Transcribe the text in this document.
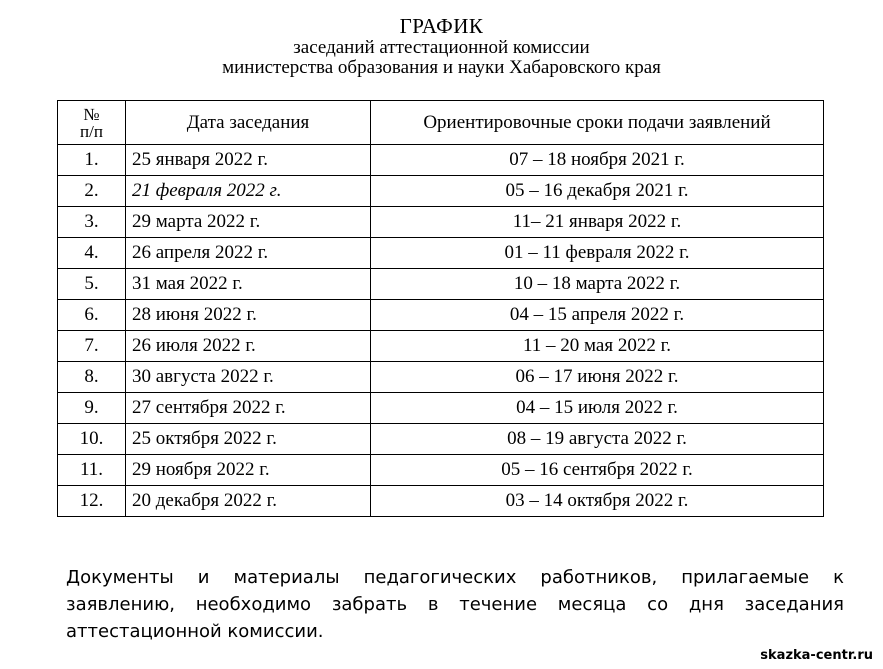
ГРАФИК
заседаний аттестационной комиссии
министерства образования и науки Хабаровского края
№
п/п	Дата заседания	Ориентировочные сроки подачи заявлений
1.	25 января 2022 г.	07 – 18 ноября 2021 г.
2.	21 февраля 2022 г.	05 – 16 декабря 2021 г.
3.	29 марта 2022 г.	11– 21 января 2022 г.
4.	26 апреля 2022 г.	01 – 11 февраля 2022 г.
5.	31 мая 2022 г.	10 – 18 марта 2022 г.
6.	28 июня 2022 г.	04 – 15 апреля 2022 г.
7.	26 июля 2022 г.	11 – 20 мая 2022 г.
8.	30 августа 2022 г.	06 – 17 июня 2022 г.
9.	27 сентября 2022 г.	04 – 15 июля 2022 г.
10.	25 октября 2022 г.	08 – 19 августа 2022 г.
11.	29 ноября 2022 г.	05 – 16 сентября 2022 г.
12.	20 декабря 2022 г.	03 – 14 октября 2022 г.
Документы и материалы педагогических работников, прилагаемые к
заявлению, необходимо забрать в течение месяца со дня заседания
аттестационной комиссии.
skazka-centr.ru
